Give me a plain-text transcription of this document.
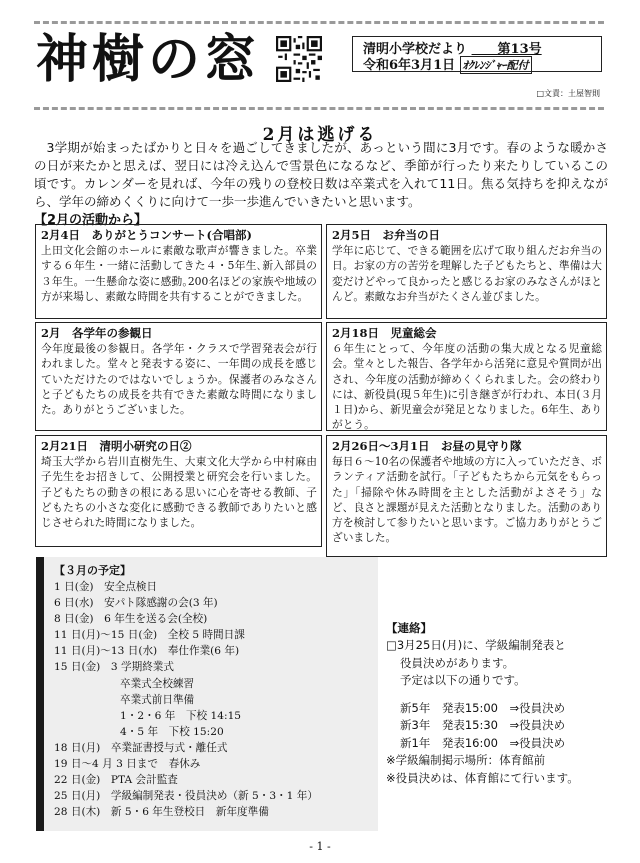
神樹の窓	清明小学校だより    第13号
令和6年3月1日 ｵｸﾚﾝｼﾞｬｰ配付
□文責：土屋智則
2月は逃げる
3学期が始まったばかりと日々を過ごしてきましたが、あっという間に3月です。春のような暖かさの日が来たかと思えば、翌日には冷え込んで雪景色になるなど、季節が行ったり来たりしているこの頃です。カレンダーを見れば、今年の残りの登校日数は卒業式を入れて11日。焦る気持ちを抑えながら、学年の締めくくりに向けて一歩一歩進んでいきたいと思います。
【2月の活動から】
2月4日　ありがとうコンサート(合唱部)
上田文化会館のホールに素敵な歌声が響きました。卒業する６年生・一緒に活動してきた４・5年生､新入部員の３年生。一生懸命な姿に感動｡200名ほどの家族や地域の方が来場し、素敵な時間を共有することができました。
2月5日　お弁当の日
学年に応じて、できる範囲を広げて取り組んだお弁当の日。お家の方の苦労を理解した子どもたちと、準備は大変だけどやって良かったと感じるお家のみなさんがほとんど。素敵なお弁当がたくさん並びました。
2月　各学年の参観日
今年度最後の参観日。各学年・クラスで学習発表会が行われました。堂々と発表する姿に、一年間の成長を感じていただけたのではないでしょうか。保護者のみなさんと子どもたちの成長を共有できた素敵な時間になりました。ありがとうございました。
2月18日　児童総会
６年生にとって、今年度の活動の集大成となる児童総会。堂々とした報告、各学年から活発に意見や質問が出され、今年度の活動が締めくくられました。会の終わりには、新役員(現５年生)に引き継ぎが行われ、本日(３月１日)から、新児童会が発足となりました。6年生、ありがとう。
2月21日　清明小研究の日②
埼玉大学から岩川直樹先生、大東文化大学から中村麻由子先生をお招きして、公開授業と研究会を行いました。子どもたちの動きの根にある思いに心を寄せる教師、子どもたちの小さな変化に感動できる教師でありたいと感じさせられた時間になりました。
2月26日～3月1日　お昼の見守り隊
毎日６～10名の保護者や地域の方に入っていただき、ボランティア活動を試行。「子どもたちから元気をもらった」「掃除や休み時間を主とした活動がよさそう」など、良さと課題が見えた活動となりました。活動のあり方を検討して参りたいと思います。ご協力ありがとうございました。
【３月の予定】
1 日(金)　安全点検日
6 日(水)　安パト隊感謝の会(3 年)
8 日(金)　6 年生を送る会(全校)
11 日(月)～15 日(金)　全校 5 時間日課
11 日(月)～13 日(水)　奉仕作業(6 年)
15 日(金)　3 学期終業式
卒業式全校練習
卒業式前日準備
1・2・6 年　下校 14:15
4・5 年　下校 15:20
18 日(月)　卒業証書授与式・離任式
19 日～4 月 3 日まで　春休み
22 日(金)　PTA 会計監査
25 日(月)　学級編制発表・役員決め（新 5・3・1 年）
28 日(木)　新 5・6 年生登校日　新年度準備
【連絡】
□3月25日(月)に、学級編制発表と
役員決めがあります。
予定は以下の通りです。
新5年　発表15:00　⇒役員決め
新3年　発表15:30　⇒役員決め
新1年　発表16:00　⇒役員決め
※学級編制掲示場所：体育館前
※役員決めは、体育館にて行います。
- 1 -
